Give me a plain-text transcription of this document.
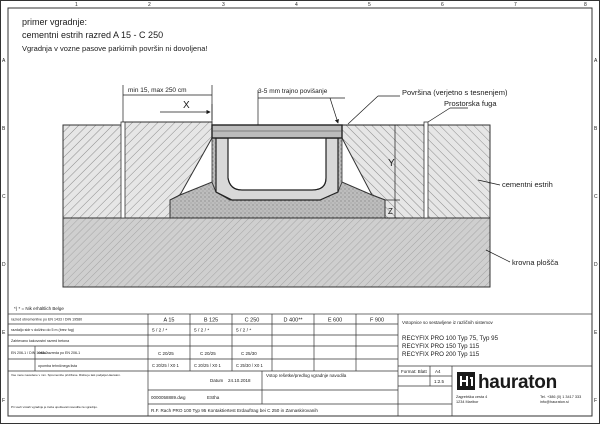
1	2	3	4	5	6	7	8
A
B
C
D
E
F
A
B
C
D
E
F
primer vgradnje:
cementni estrih razred A 15 - C 250
Vgradnja v vozne pasove parkirnih površin ni dovoljena!
min 15, max 250 cm
X
3-5 mm trajno povišanje
Y
Z
Površina (verjetno s tesnenjem)
Prostorska fuga
cementni estrih
krovna plošča
*) * = Nik erhältlich Belge
razred obremenitve po EN 1433 / DIN 19580
razdaljo sidr v dolžino do 5 m (brez fug)
Zahtevano kakovostni razred betona
EN 206-1 / DIN 1045-2
vrsta razreda po EN 206-1
opomba tehničnega lista
Vse mere navedene v mm. Spremembe pridržane. Risba je last podjetja Hauraton.
Pri vseh vrstah vgradnje je treba upoštevati navodila za vgradnjo.
A 15	B 125	C 250	D 400**	E 600	F 900
5 / 2 / *	5 / 2 / *	5 / 2 / *
C 20/25	C 20/25	C 25/30
C 20/25 / X0 1	C 20/25 / X0 1	C 25/30 / X0 1
Datum 24.10.2018
Vstop rešetke/predlog vgradnje navodila
0000058889.dwg	EStha
R.F. Rach PRO 100 Typ 95 Kontaktiertest Erdauftrag bei C 250 in Zamaskirovanih
Vstopnice so sestavljene iz različnih sistemov
RECYFIX PRO 100 Typ 75, Typ 95
RECYFIX PRO 150 Typ 115
RECYFIX PRO 200 Typ 115
Format: Blatt A4
1:2.5 hauraton
Zagrebška cesta 4
1234 Maribor
Tel. +386 (0) 1 3417 333
info@hauraton.si
